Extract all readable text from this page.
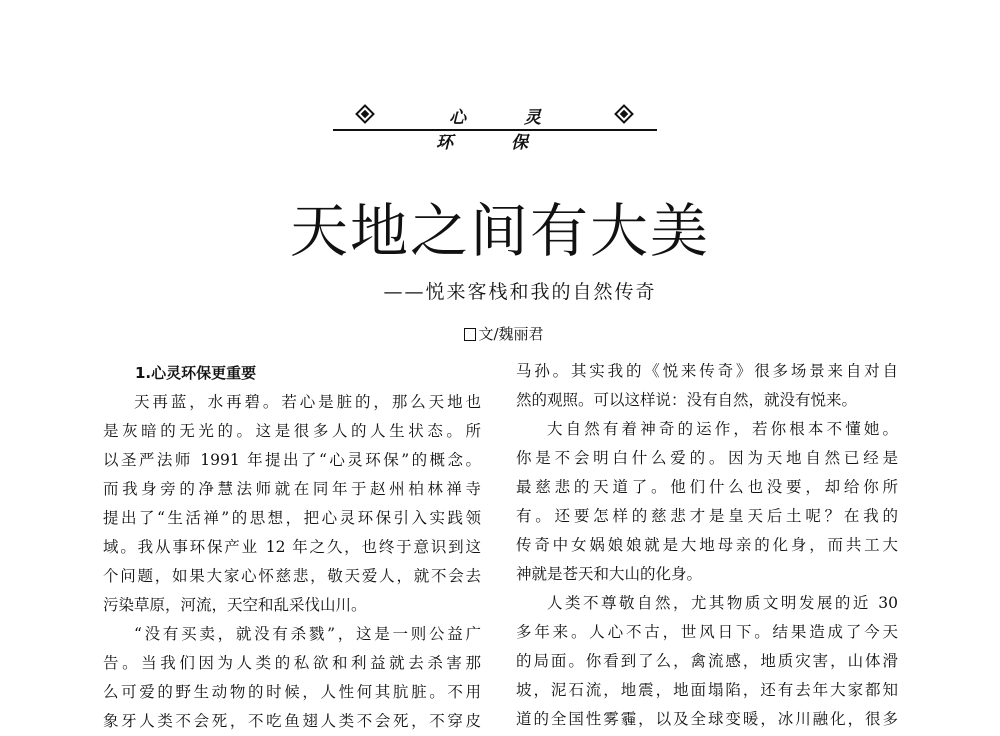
心 灵 环 保
天地之间有大美
——悦来客栈和我的自然传奇
文/魏丽君

1.心灵环保更重要

天再蓝，水再碧。若心是脏的，那么天地也

是灰暗的无光的。这是很多人的人生状态。所

以圣严法师 1991 年提出了“心灵环保”的概念。

而我身旁的净慧法师就在同年于赵州柏林禅寺

提出了“生活禅”的思想，把心灵环保引入实践领

域。我从事环保产业 12 年之久，也终于意识到这

个问题，如果大家心怀慈悲，敬天爱人，就不会去

污染草原，河流，天空和乱采伐山川。

“没有买卖，就没有杀戮”，这是一则公益广

告。当我们因为人类的私欲和利益就去杀害那

么可爱的野生动物的时候，人性何其肮脏。不用

象牙人类不会死，不吃鱼翅人类不会死，不穿皮

马孙。其实我的《悦来传奇》很多场景来自对自

然的观照。可以这样说：没有自然，就没有悦来。

大自然有着神奇的运作，若你根本不懂她。

你是不会明白什么爱的。因为天地自然已经是

最慈悲的天道了。他们什么也没要，却给你所

有。还要怎样的慈悲才是皇天后土呢？在我的

传奇中女娲娘娘就是大地母亲的化身，而共工大

神就是苍天和大山的化身。

人类不尊敬自然，尤其物质文明发展的近 30

多年来。人心不古，世风日下。结果造成了今天

的局面。你看到了么，禽流感，地质灾害，山体滑

坡，泥石流，地震，地面塌陷，还有去年大家都知

道的全国性雾霾，以及全球变暖，冰川融化，很多
